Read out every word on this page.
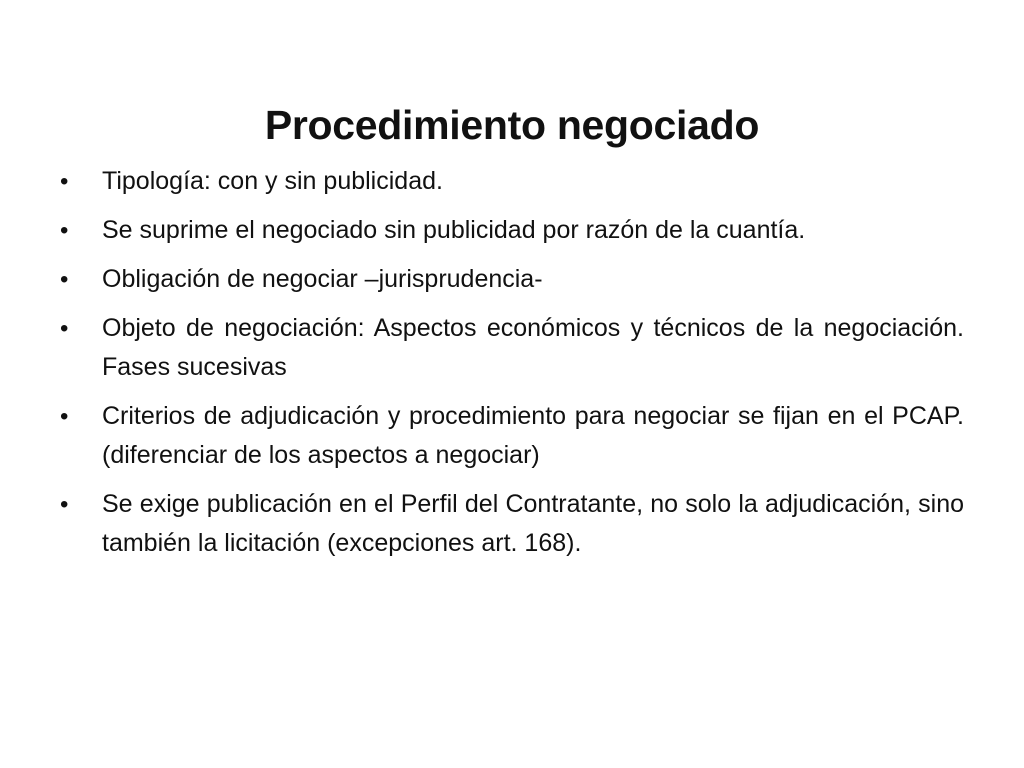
Procedimiento negociado
•	Tipología: con y sin publicidad.
•	Se suprime el negociado sin publicidad por razón de la cuantía.
•	Obligación de negociar –jurisprudencia-
•	Objeto de negociación: Aspectos económicos y técnicos de la negociación. Fases sucesivas
•	Criterios de adjudicación y procedimiento para negociar se fijan en el PCAP. (diferenciar de los aspectos a negociar)
•	Se exige publicación en el Perfil del Contratante, no solo la adjudicación, sino también la licitación (excepciones art. 168).
